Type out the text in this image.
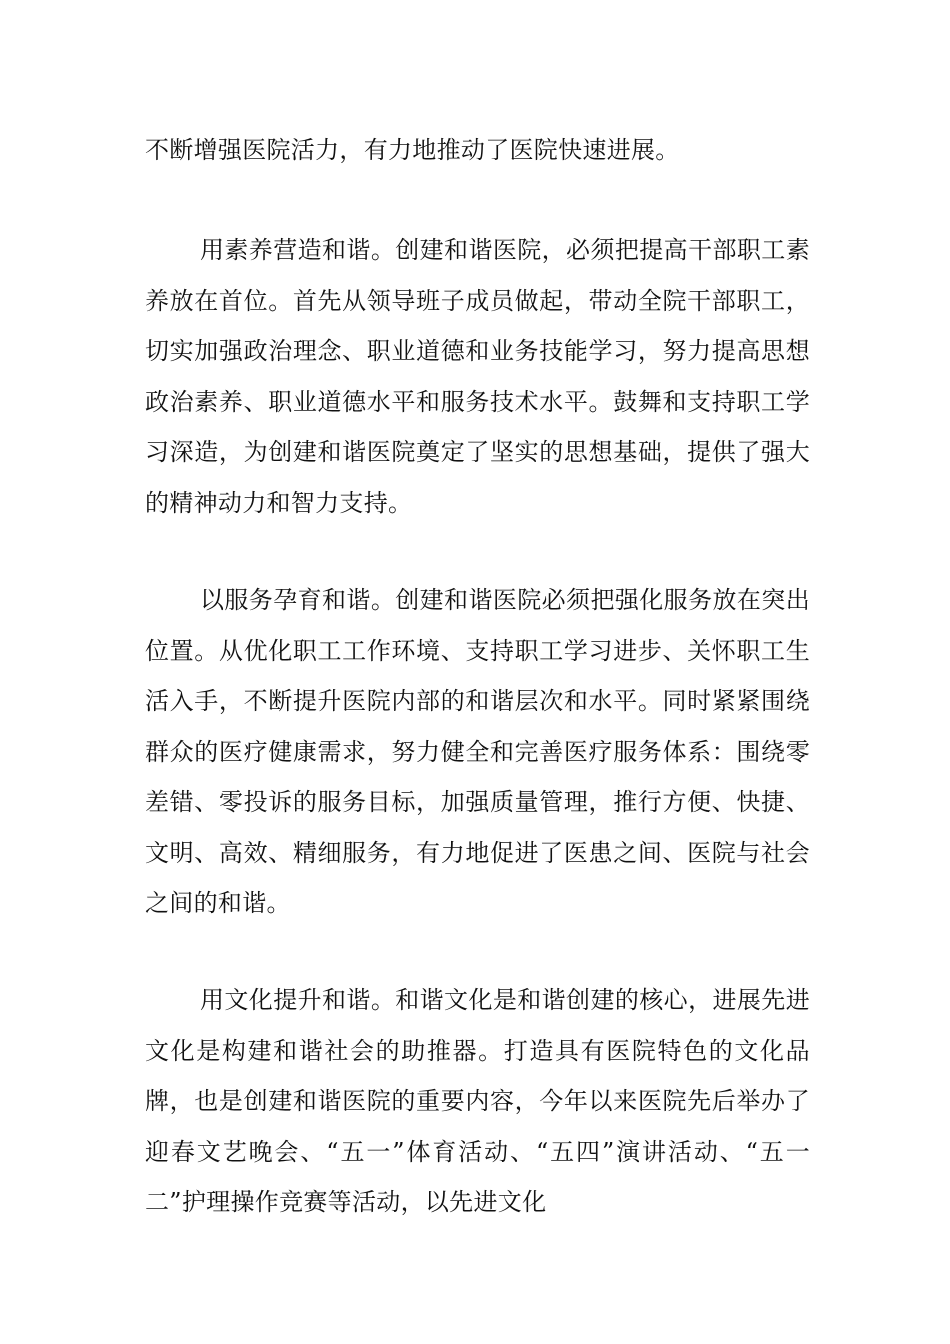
不断增强医院活力，有力地推动了医院快速进展。

用素养营造和谐。创建和谐医院，必须把提高干部职工素养放在首位。首先从领导班子成员做起，带动全院干部职工，切实加强政治理念、职业道德和业务技能学习，努力提高思想政治素养、职业道德水平和服务技术水平。鼓舞和支持职工学习深造，为创建和谐医院奠定了坚实的思想基础，提供了强大的精神动力和智力支持。

以服务孕育和谐。创建和谐医院必须把强化服务放在突出位置。从优化职工工作环境、支持职工学习进步、关怀职工生活入手，不断提升医院内部的和谐层次和水平。同时紧紧围绕群众的医疗健康需求，努力健全和完善医疗服务体系：围绕零差错、零投诉的服务目标，加强质量管理，推行方便、快捷、文明、高效、精细服务，有力地促进了医患之间、医院与社会之间的和谐。

用文化提升和谐。和谐文化是和谐创建的核心，进展先进文化是构建和谐社会的助推器。打造具有医院特色的文化品牌，也是创建和谐医院的重要内容，今年以来医院先后举办了迎春文艺晚会、“五一”体育活动、“五四”演讲活动、“五一二”护理操作竞赛等活动，以先进文化
